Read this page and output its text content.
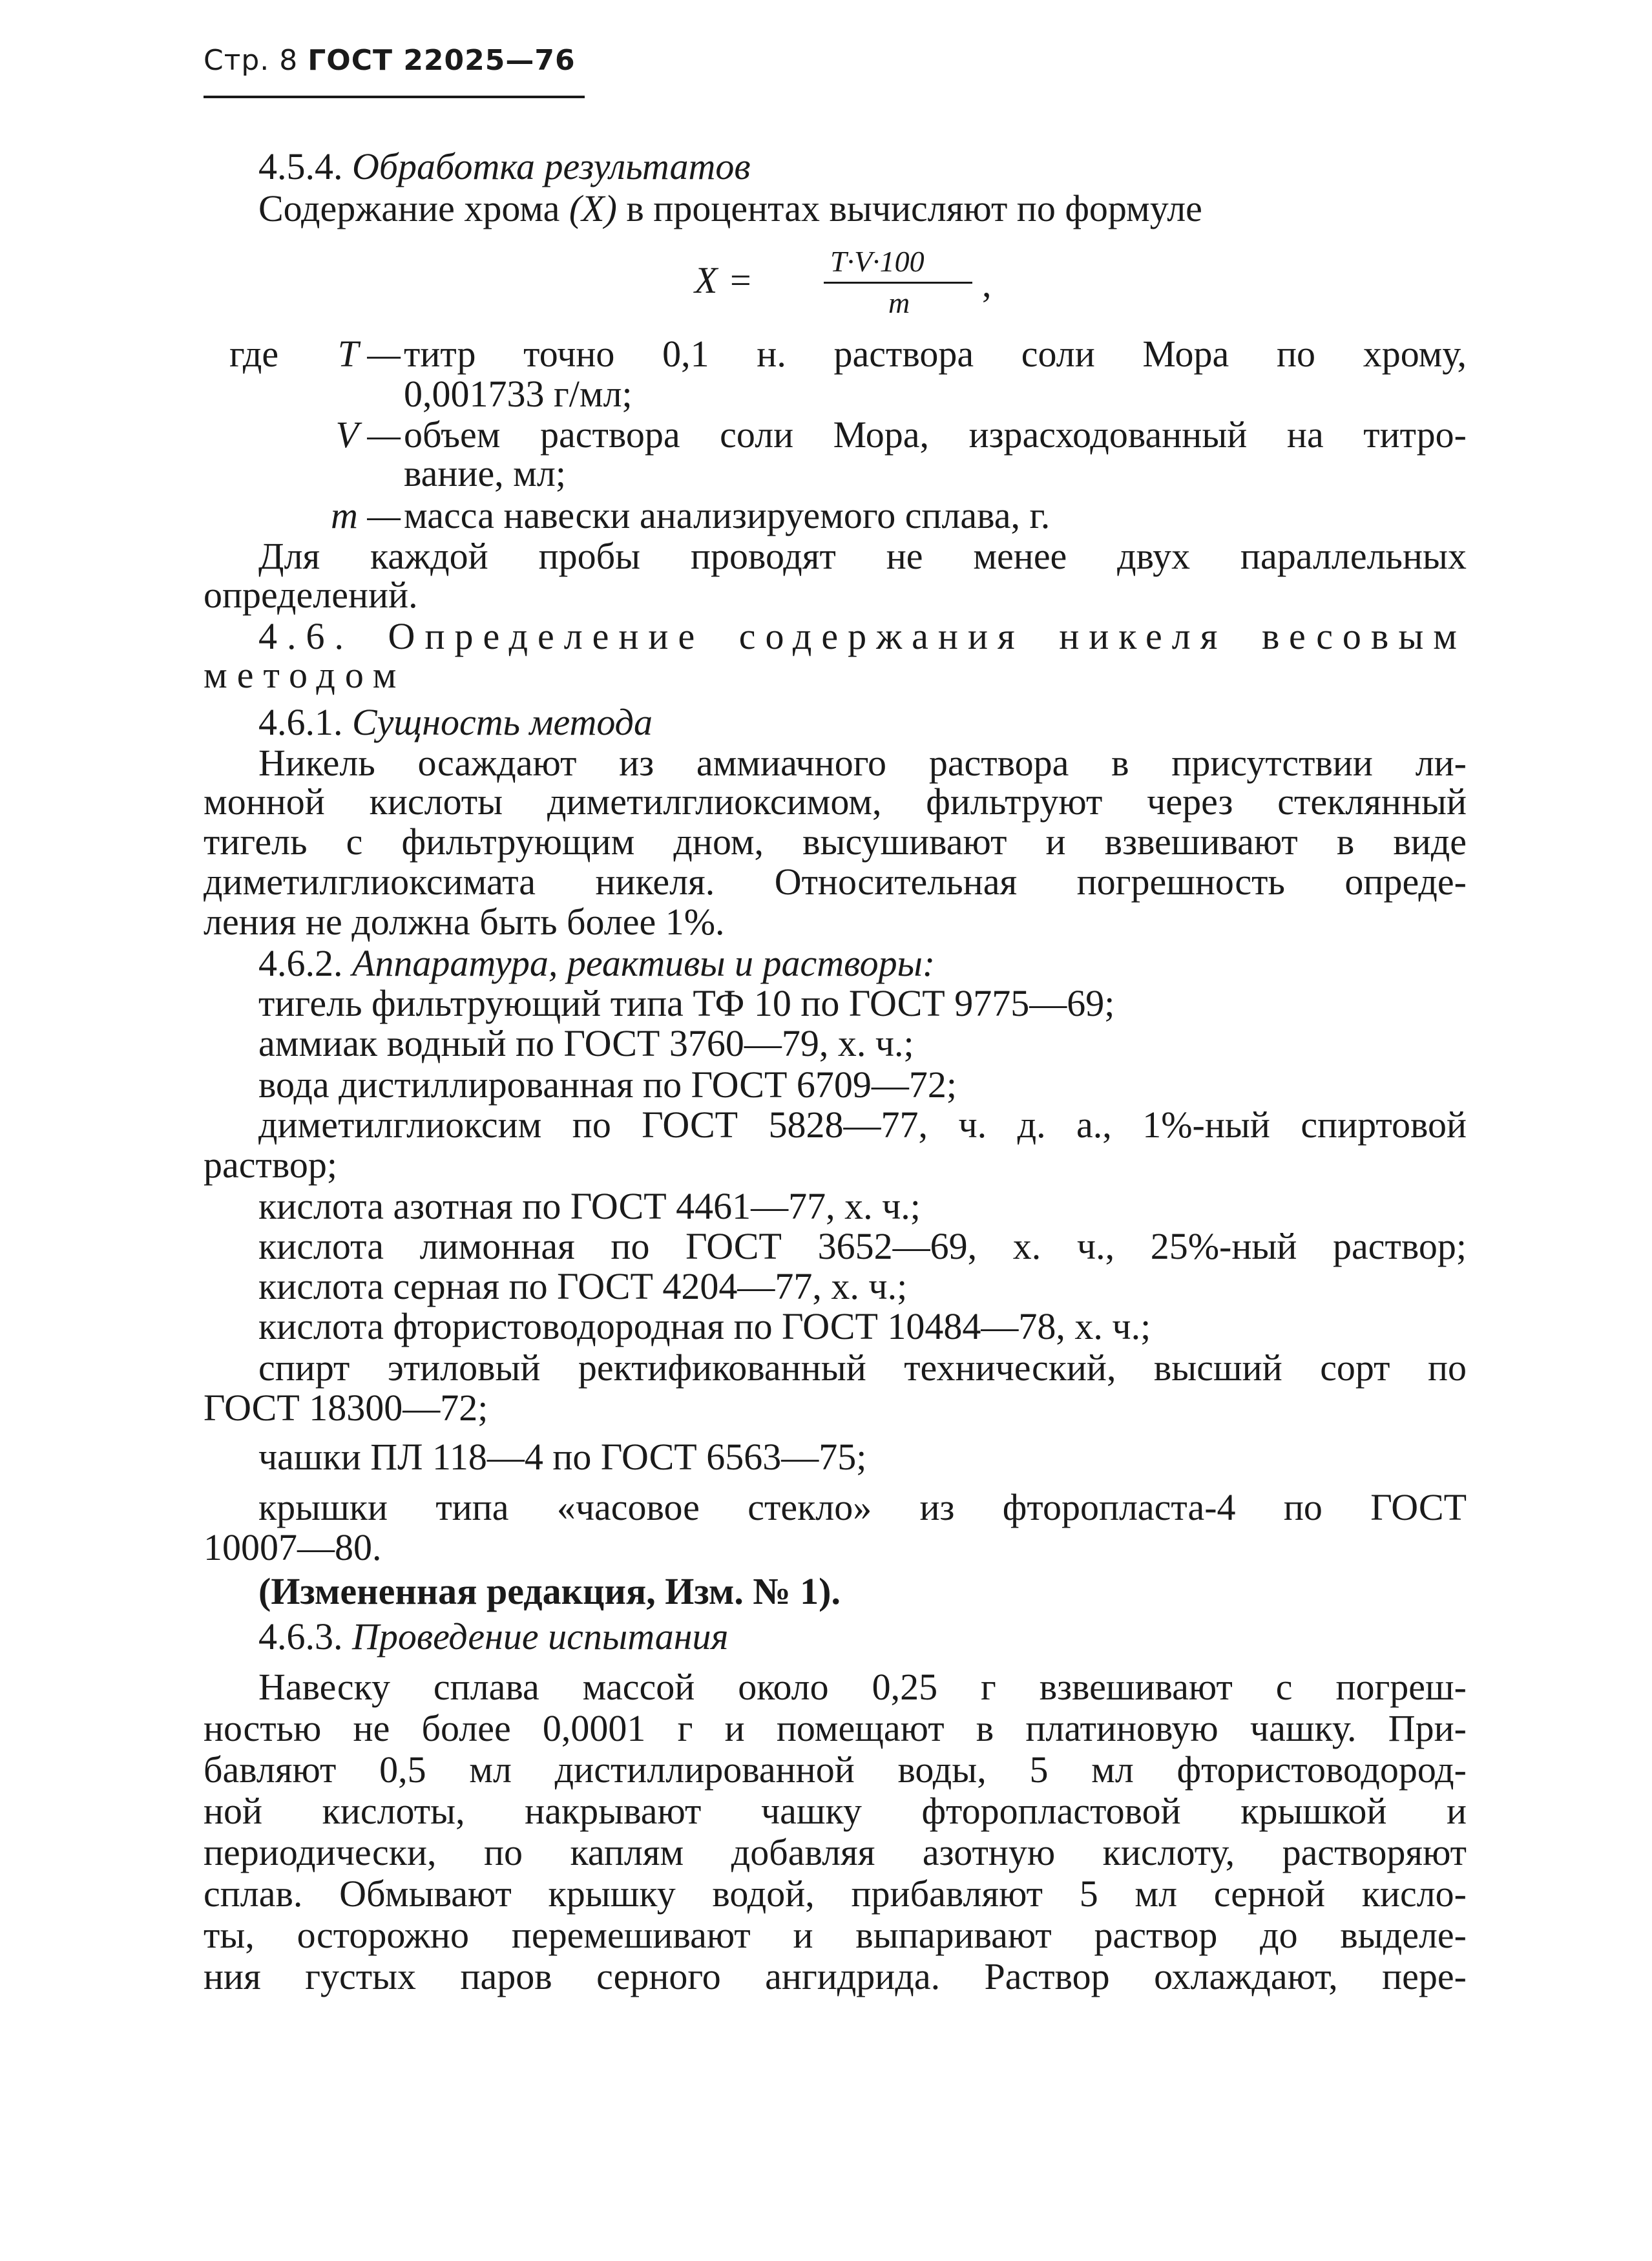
Стр. 8 ГОСТ 22025—76
4.5.4. Обработка результатов
Содержание хрома (X) в процентах вычисляют по формуле
X =	T·V·100
m ,
где	T — титр точно 0,1 н. раствора соли Мора по хрому,
0,001733 г/мл;
V — объем раствора соли Мора, израсходованный на титро-
вание, мл;
m — масса навески анализируемого сплава, г.
Для каждой пробы проводят не менее двух параллельных
определений.
4.6. Определение содержания никеля весовым
методом
4.6.1. Сущность метода
Никель осаждают из аммиачного раствора в присутствии ли-
монной кислоты диметилглиоксимом, фильтруют через стеклянный
тигель с фильтрующим дном, высушивают и взвешивают в виде
диметилглиоксимата никеля. Относительная погрешность опреде-
ления не должна быть более 1%.
4.6.2. Аппаратура, реактивы и растворы:
тигель фильтрующий типа ТФ 10 по ГОСТ 9775—69;
аммиак водный по ГОСТ 3760—79, х. ч.;
вода дистиллированная по ГОСТ 6709—72;
диметилглиоксим по ГОСТ 5828—77, ч. д. а., 1%-ный спиртовой
раствор;
кислота азотная по ГОСТ 4461—77, х. ч.;
кислота лимонная по ГОСТ 3652—69, х. ч., 25%-ный раствор;
кислота серная по ГОСТ 4204—77, х. ч.;
кислота фтористоводородная по ГОСТ 10484—78, х. ч.;
спирт этиловый ректификованный технический, высший сорт по
ГОСТ 18300—72;
чашки ПЛ 118—4 по ГОСТ 6563—75;
крышки типа «часовое стекло» из фторопласта-4 по ГОСТ
10007—80.
(Измененная редакция, Изм. № 1).
4.6.3. Проведение испытания
Навеску сплава массой около 0,25 г взвешивают с погреш-
ностью не более 0,0001 г и помещают в платиновую чашку. При-
бавляют 0,5 мл дистиллированной воды, 5 мл фтористоводород-
ной кислоты, накрывают чашку фторопластовой крышкой и
периодически, по каплям добавляя азотную кислоту, растворяют
сплав. Обмывают крышку водой, прибавляют 5 мл серной кисло-
ты, осторожно перемешивают и выпаривают раствор до выделе-
ния густых паров серного ангидрида. Раствор охлаждают, пере-
